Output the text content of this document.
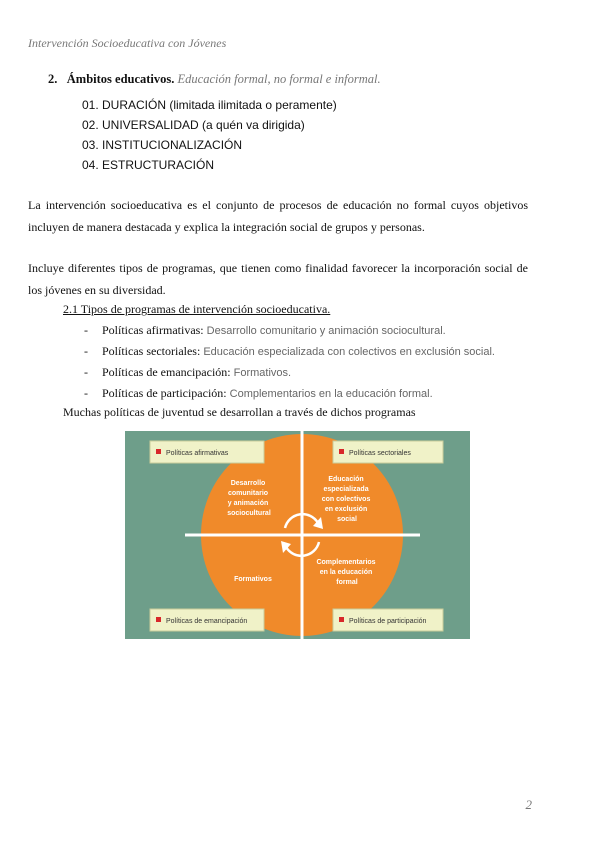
Intervención Socioeducativa con Jóvenes
2. Ámbitos educativos. Educación formal, no formal e informal.
01. DURACIÓN (limitada ilimitada o peramente)
02. UNIVERSALIDAD (a quén va dirigida)
03. INSTITUCIONALIZACIÓN
04. ESTRUCTURACIÓN
La intervención socioeducativa es el conjunto de procesos de educación no formal cuyos objetivos incluyen de manera destacada y explica la integración social de grupos y personas.
Incluye diferentes tipos de programas, que tienen como finalidad favorecer la incorporación social de los jóvenes en su diversidad.
2.1 Tipos de programas de intervención socioeducativa.
- Políticas afirmativas: Desarrollo comunitario y animación sociocultural.
- Políticas sectoriales: Educación especializada con colectivos en exclusión social.
- Políticas de emancipación: Formativos.
- Políticas de participación: Complementarios en la educación formal.
Muchas políticas de juventud se desarrollan a través de dichos programas
Desarrollo comunitario y animación sociocultural
Educación especializada con colectivos en exclusión social
Formativos
Complementarios en la educación formal
Políticas afirmativas	Políticas sectoriales
Políticas de emancipación	Políticas de participación
2
